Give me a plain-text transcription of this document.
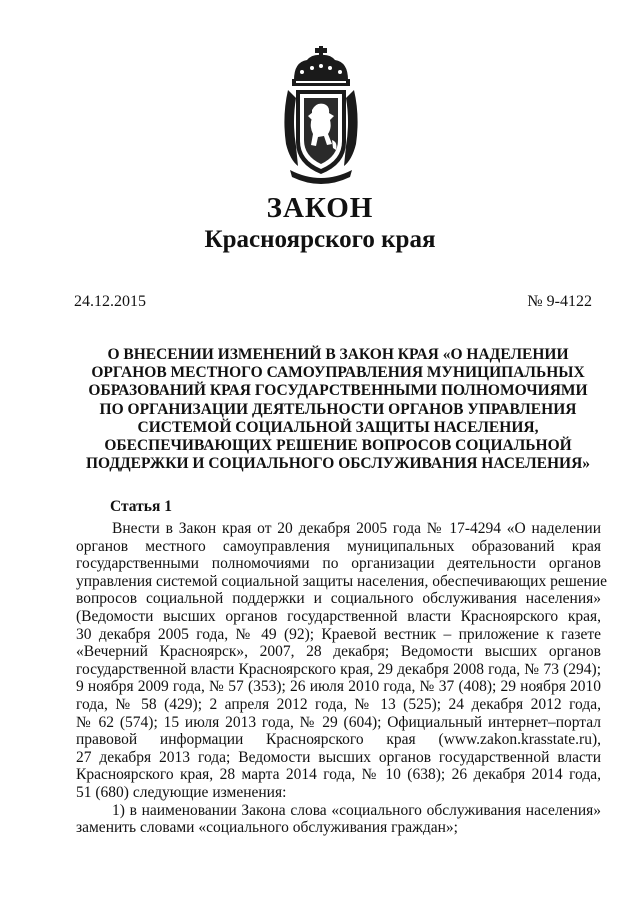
ЗАКОН
Красноярского края
24.12.2015	№ 9-4122
О ВНЕСЕНИИ ИЗМЕНЕНИЙ В ЗАКОН КРАЯ «О НАДЕЛЕНИИ
ОРГАНОВ МЕСТНОГО САМОУПРАВЛЕНИЯ МУНИЦИПАЛЬНЫХ
ОБРАЗОВАНИЙ КРАЯ ГОСУДАРСТВЕННЫМИ ПОЛНОМОЧИЯМИ
ПО ОРГАНИЗАЦИИ ДЕЯТЕЛЬНОСТИ ОРГАНОВ УПРАВЛЕНИЯ
СИСТЕМОЙ СОЦИАЛЬНОЙ ЗАЩИТЫ НАСЕЛЕНИЯ,
ОБЕСПЕЧИВАЮЩИХ РЕШЕНИЕ ВОПРОСОВ СОЦИАЛЬНОЙ
ПОДДЕРЖКИ И СОЦИАЛЬНОГО ОБСЛУЖИВАНИЯ НАСЕЛЕНИЯ»
Статья 1
Внести в Закон края от 20 декабря 2005 года № 17-4294 «О наделении
органов местного самоуправления муниципальных образований края
государственными полномочиями по организации деятельности органов
управления системой социальной защиты населения, обеспечивающих решение
вопросов социальной поддержки и социального обслуживания населения»
(Ведомости высших органов государственной власти Красноярского края,
30 декабря 2005 года, № 49 (92); Краевой вестник – приложение к газете
«Вечерний Красноярск», 2007, 28 декабря; Ведомости высших органов
государственной власти Красноярского края, 29 декабря 2008 года, № 73 (294);
9 ноября 2009 года, № 57 (353); 26 июля 2010 года, № 37 (408); 29 ноября 2010
года, № 58 (429); 2 апреля 2012 года, № 13 (525); 24 декабря 2012 года,
№ 62 (574); 15 июля 2013 года, № 29 (604); Официальный интернет–портал
правовой информации Красноярского края (www.zakon.krasstate.ru),
27 декабря 2013 года; Ведомости высших органов государственной власти
Красноярского края, 28 марта 2014 года, № 10 (638); 26 декабря 2014 года,
51 (680) следующие изменения:
1) в наименовании Закона слова «социального обслуживания населения»
заменить словами «социального обслуживания граждан»;
